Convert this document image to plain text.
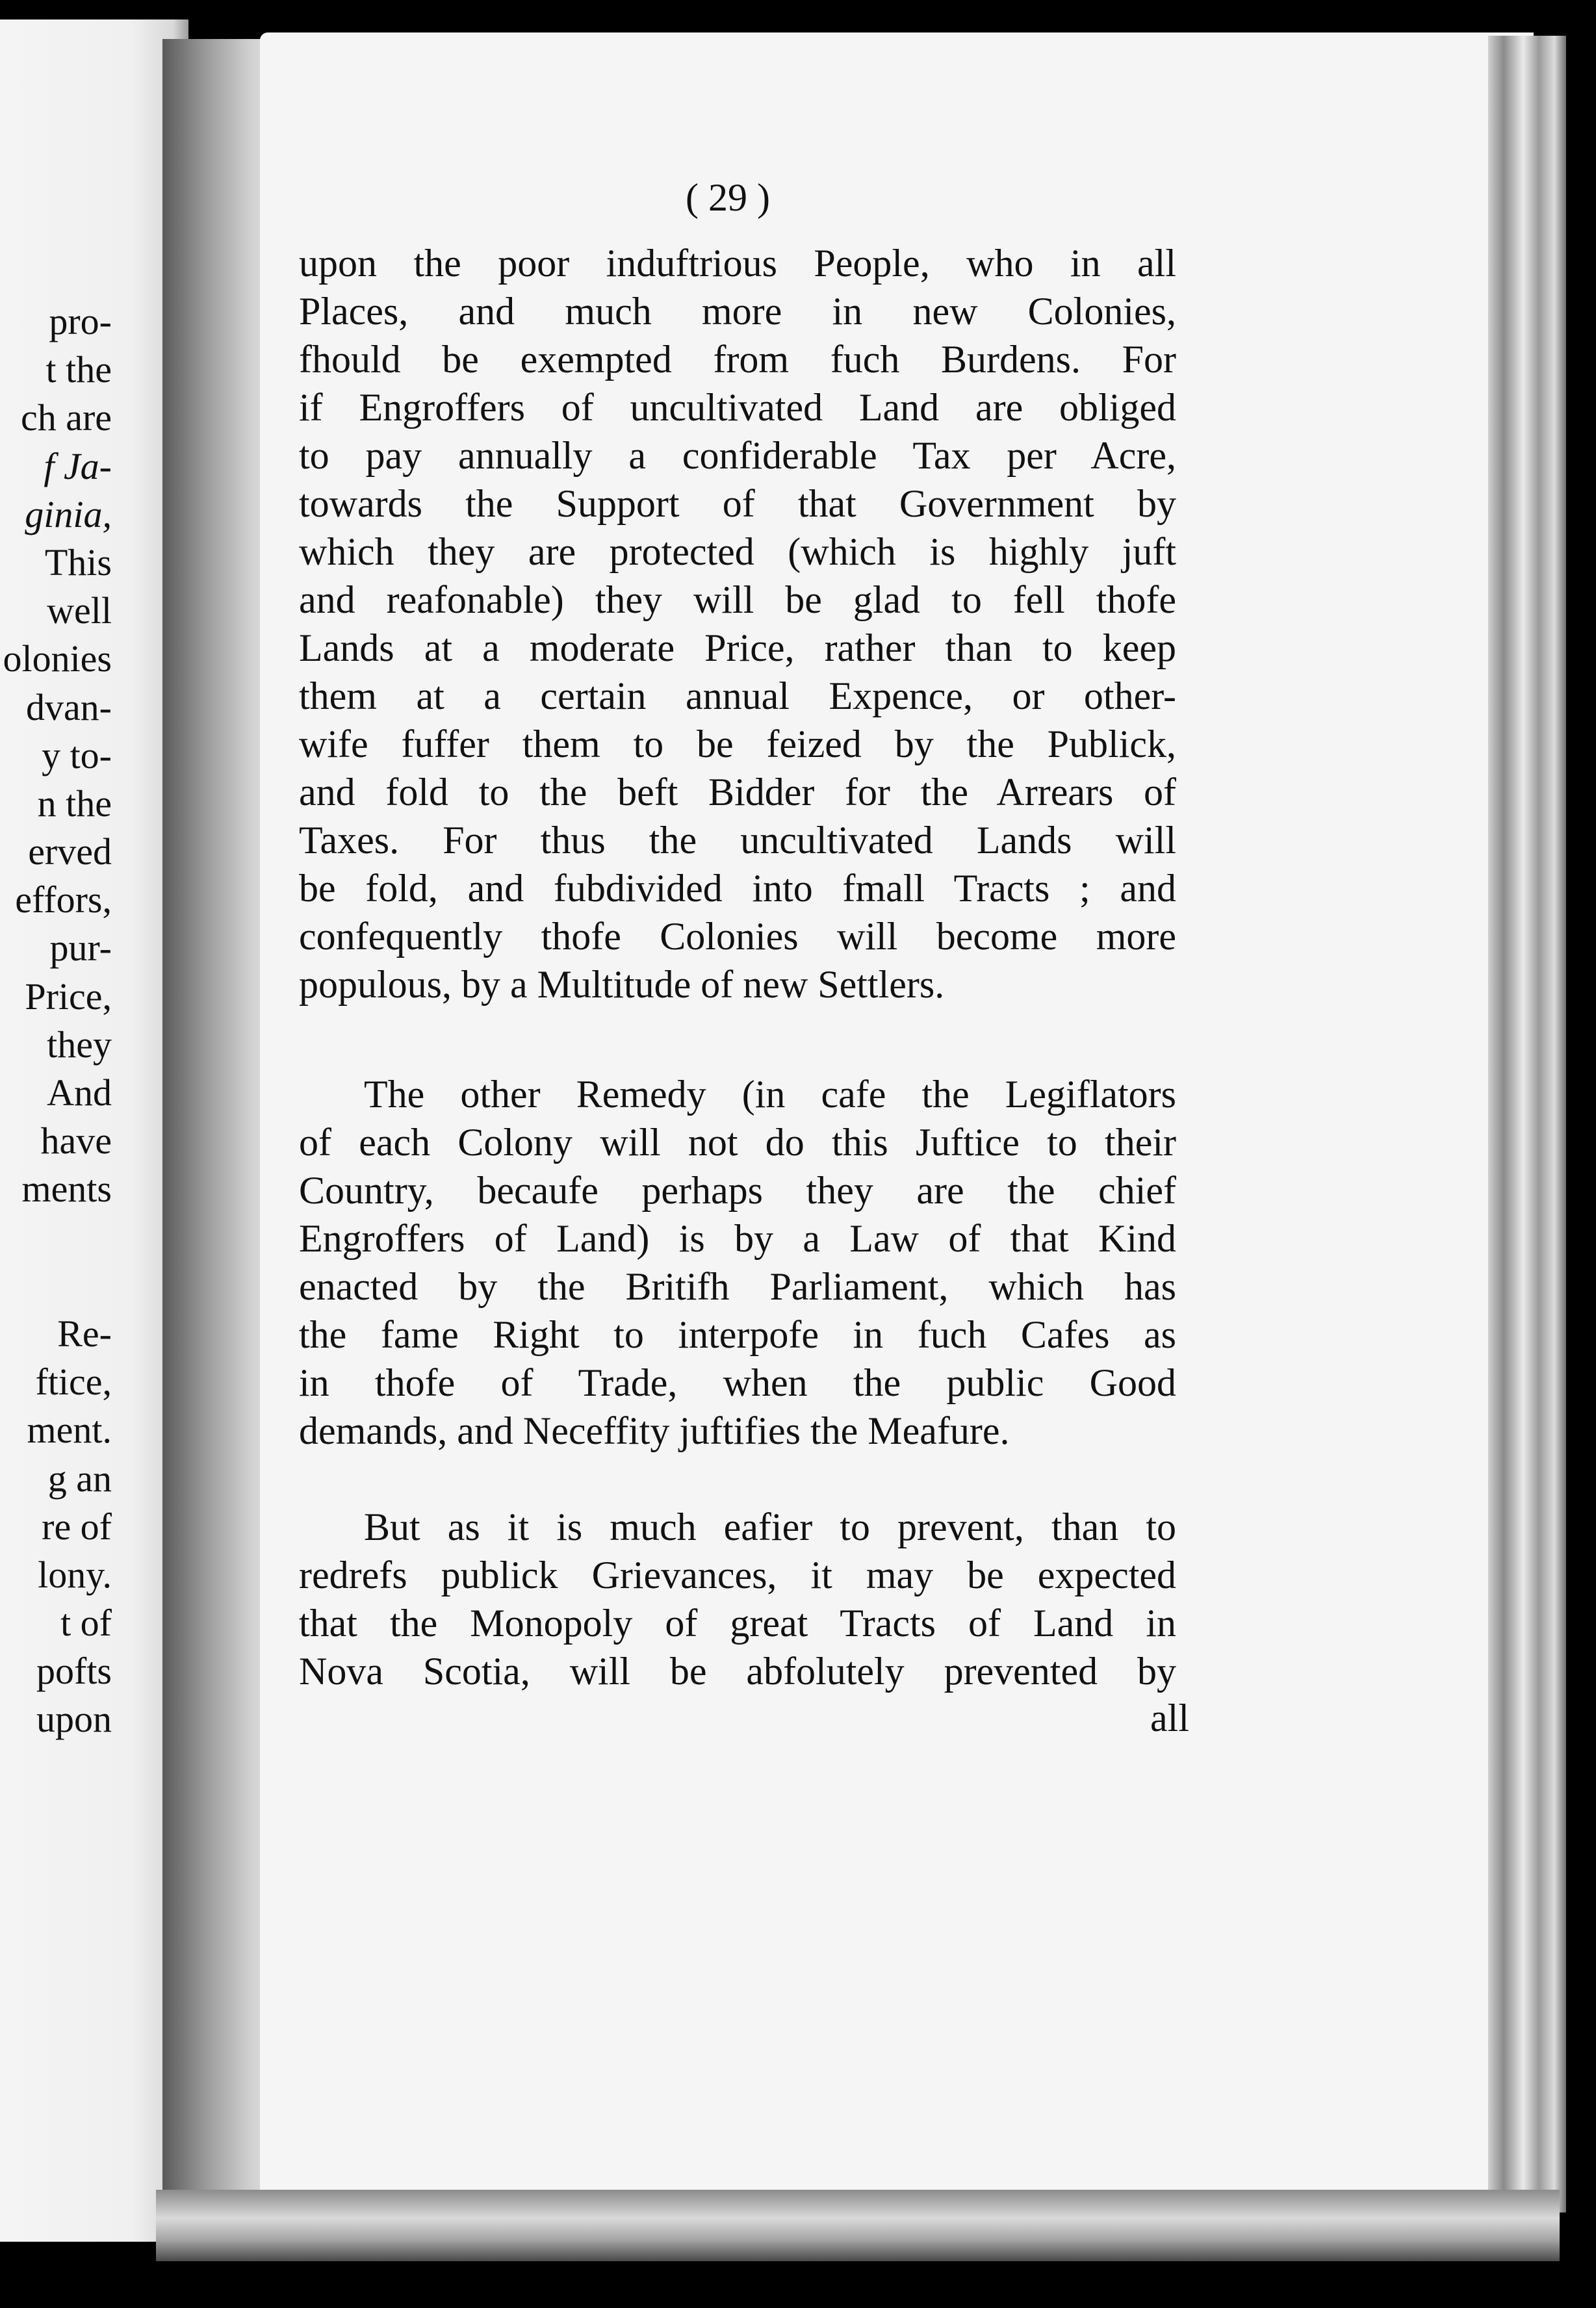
pro-
t the
ch are
f Ja-
ginia,
This
well
olonies
dvan-
y to-
n the
erved
effors,
pur-
Price,
they
And
have
ments
Re-
ftice,
ment.
g an
re of
lony.
t of
pofts
upon
( 29 )
upon the poor induftrious People, who in all
Places, and much more in new Colonies,
fhould be exempted from fuch Burdens. For
if Engroffers of uncultivated Land are obliged
to pay annually a confiderable Tax per Acre,
towards the Support of that Government by
which they are protected (which is highly juft
and reafonable) they will be glad to fell thofe
Lands at a moderate Price, rather than to keep
them at a certain annual Expence, or other-
wife fuffer them to be feized by the Publick,
and fold to the beft Bidder for the Arrears of
Taxes. For thus the uncultivated Lands will
be fold, and fubdivided into fmall Tracts ; and
confequently thofe Colonies will become more
populous, by a Multitude of new Settlers.
The other Remedy (in cafe the Legiflators
of each Colony will not do this Juftice to their
Country, becaufe perhaps they are the chief
Engroffers of Land) is by a Law of that Kind
enacted by the Britifh Parliament, which has
the fame Right to interpofe in fuch Cafes as
in thofe of Trade, when the public Good
demands, and Neceffity juftifies the Meafure.
But as it is much eafier to prevent, than to
redrefs publick Grievances, it may be expected
that the Monopoly of great Tracts of Land in
Nova Scotia, will be abfolutely prevented by
all
